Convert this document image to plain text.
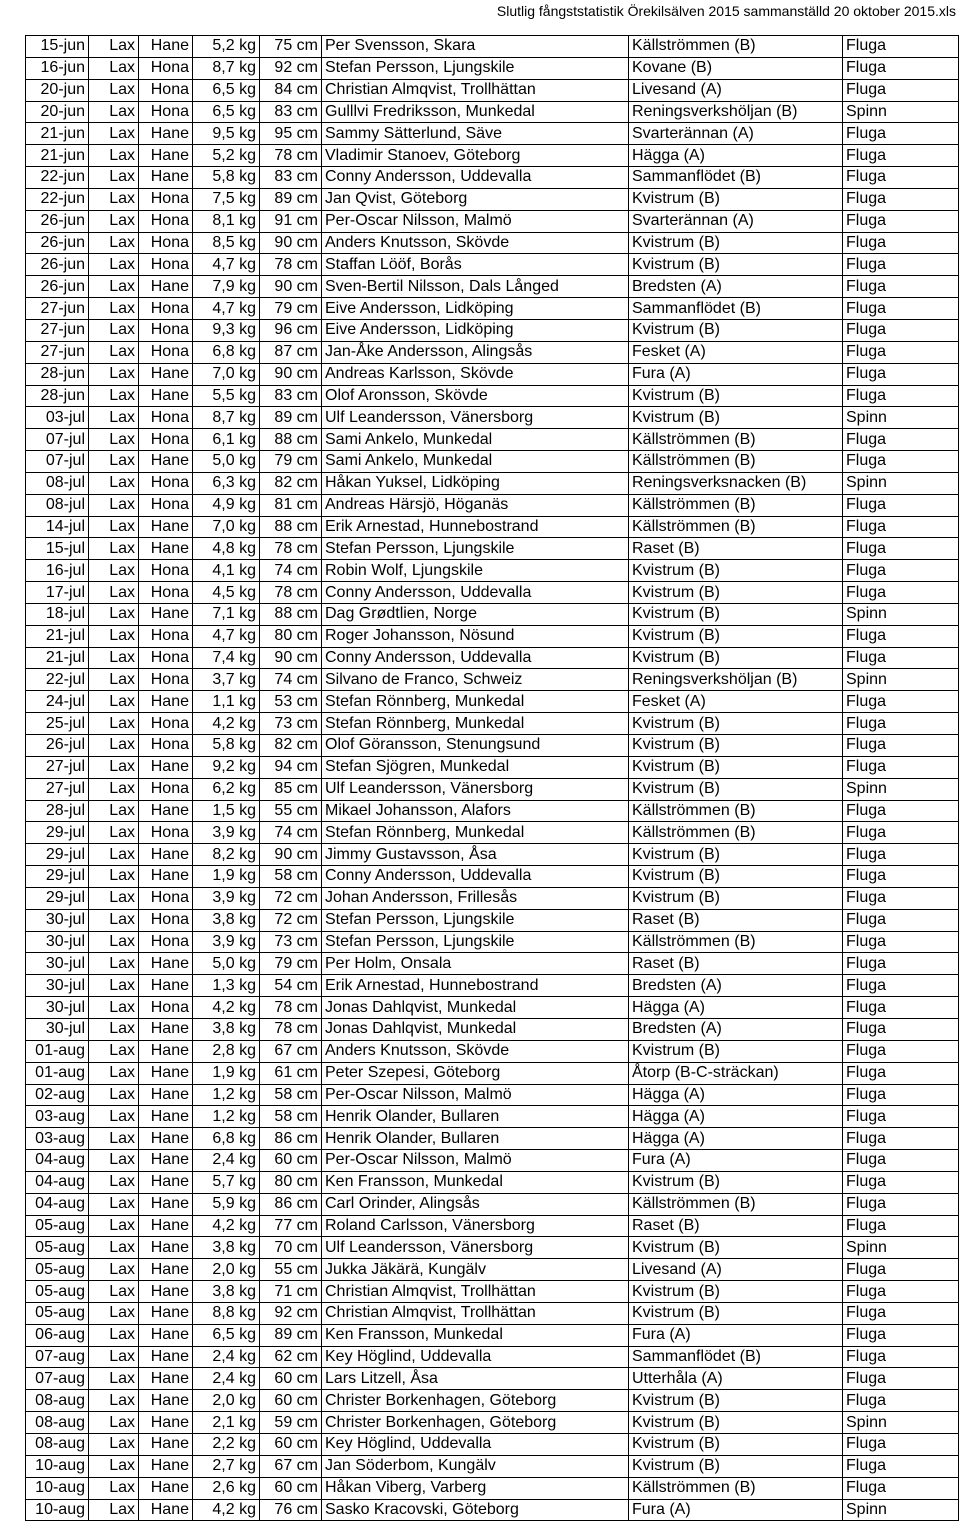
Slutlig fångststatistik Örekilsälven 2015 sammanställd 20 oktober 2015.xls
15-jun	Lax	Hane	5,2 kg	75 cm	Per Svensson, Skara	Källströmmen (B)	Fluga
16-jun	Lax	Hona	8,7 kg	92 cm	Stefan Persson, Ljungskile	Kovane (B)	Fluga
20-jun	Lax	Hona	6,5 kg	84 cm	Christian Almqvist, Trollhättan	Livesand (A)	Fluga
20-jun	Lax	Hona	6,5 kg	83 cm	Gulllvi Fredriksson, Munkedal	Reningsverkshöljan (B)	Spinn
21-jun	Lax	Hane	9,5 kg	95 cm	Sammy Sätterlund, Säve	Svarterännan (A)	Fluga
21-jun	Lax	Hane	5,2 kg	78 cm	Vladimir Stanoev, Göteborg	Hägga (A)	Fluga
22-jun	Lax	Hane	5,8 kg	83 cm	Conny Andersson, Uddevalla	Sammanflödet (B)	Fluga
22-jun	Lax	Hona	7,5 kg	89 cm	Jan Qvist, Göteborg	Kvistrum (B)	Fluga
26-jun	Lax	Hona	8,1 kg	91 cm	Per-Oscar Nilsson, Malmö	Svarterännan (A)	Fluga
26-jun	Lax	Hona	8,5 kg	90 cm	Anders Knutsson, Skövde	Kvistrum (B)	Fluga
26-jun	Lax	Hona	4,7 kg	78 cm	Staffan Lööf, Borås	Kvistrum (B)	Fluga
26-jun	Lax	Hane	7,9 kg	90 cm	Sven-Bertil Nilsson, Dals Långed	Bredsten (A)	Fluga
27-jun	Lax	Hona	4,7 kg	79 cm	Eive Andersson, Lidköping	Sammanflödet (B)	Fluga
27-jun	Lax	Hona	9,3 kg	96 cm	Eive Andersson, Lidköping	Kvistrum (B)	Fluga
27-jun	Lax	Hona	6,8 kg	87 cm	Jan-Åke Andersson, Alingsås	Fesket (A)	Fluga
28-jun	Lax	Hane	7,0 kg	90 cm	Andreas Karlsson, Skövde	Fura (A)	Fluga
28-jun	Lax	Hane	5,5 kg	83 cm	Olof Aronsson, Skövde	Kvistrum (B)	Fluga
03-jul	Lax	Hona	8,7 kg	89 cm	Ulf Leandersson, Vänersborg	Kvistrum (B)	Spinn
07-jul	Lax	Hona	6,1 kg	88 cm	Sami Ankelo, Munkedal	Källströmmen (B)	Fluga
07-jul	Lax	Hane	5,0 kg	79 cm	Sami Ankelo, Munkedal	Källströmmen (B)	Fluga
08-jul	Lax	Hona	6,3 kg	82 cm	Håkan Yuksel, Lidköping	Reningsverksnacken (B)	Spinn
08-jul	Lax	Hona	4,9 kg	81 cm	Andreas Härsjö, Höganäs	Källströmmen (B)	Fluga
14-jul	Lax	Hane	7,0 kg	88 cm	Erik Arnestad, Hunnebostrand	Källströmmen (B)	Fluga
15-jul	Lax	Hane	4,8 kg	78 cm	Stefan Persson, Ljungskile	Raset (B)	Fluga
16-jul	Lax	Hona	4,1 kg	74 cm	Robin Wolf, Ljungskile	Kvistrum (B)	Fluga
17-jul	Lax	Hona	4,5 kg	78 cm	Conny Andersson, Uddevalla	Kvistrum (B)	Fluga
18-jul	Lax	Hane	7,1 kg	88 cm	Dag Grødtlien, Norge	Kvistrum (B)	Spinn
21-jul	Lax	Hona	4,7 kg	80 cm	Roger Johansson, Nösund	Kvistrum (B)	Fluga
21-jul	Lax	Hona	7,4 kg	90 cm	Conny Andersson, Uddevalla	Kvistrum (B)	Fluga
22-jul	Lax	Hona	3,7 kg	74 cm	Silvano de Franco, Schweiz	Reningsverkshöljan (B)	Spinn
24-jul	Lax	Hane	1,1 kg	53 cm	Stefan Rönnberg, Munkedal	Fesket (A)	Fluga
25-jul	Lax	Hona	4,2 kg	73 cm	Stefan Rönnberg, Munkedal	Kvistrum (B)	Fluga
26-jul	Lax	Hona	5,8 kg	82 cm	Olof Göransson, Stenungsund	Kvistrum (B)	Fluga
27-jul	Lax	Hane	9,2 kg	94 cm	Stefan Sjögren, Munkedal	Kvistrum (B)	Fluga
27-jul	Lax	Hona	6,2 kg	85 cm	Ulf Leandersson, Vänersborg	Kvistrum (B)	Spinn
28-jul	Lax	Hane	1,5 kg	55 cm	Mikael Johansson, Alafors	Källströmmen (B)	Fluga
29-jul	Lax	Hona	3,9 kg	74 cm	Stefan Rönnberg, Munkedal	Källströmmen (B)	Fluga
29-jul	Lax	Hane	8,2 kg	90 cm	Jimmy Gustavsson, Åsa	Kvistrum (B)	Fluga
29-jul	Lax	Hane	1,9 kg	58 cm	Conny Andersson, Uddevalla	Kvistrum (B)	Fluga
29-jul	Lax	Hona	3,9 kg	72 cm	Johan Andersson, Frillesås	Kvistrum (B)	Fluga
30-jul	Lax	Hona	3,8 kg	72 cm	Stefan Persson, Ljungskile	Raset (B)	Fluga
30-jul	Lax	Hona	3,9 kg	73 cm	Stefan Persson, Ljungskile	Källströmmen (B)	Fluga
30-jul	Lax	Hane	5,0 kg	79 cm	Per Holm, Onsala	Raset (B)	Fluga
30-jul	Lax	Hane	1,3 kg	54 cm	Erik Arnestad, Hunnebostrand	Bredsten (A)	Fluga
30-jul	Lax	Hona	4,2 kg	78 cm	Jonas Dahlqvist, Munkedal	Hägga (A)	Fluga
30-jul	Lax	Hane	3,8 kg	78 cm	Jonas Dahlqvist, Munkedal	Bredsten (A)	Fluga
01-aug	Lax	Hane	2,8 kg	67 cm	Anders Knutsson, Skövde	Kvistrum (B)	Fluga
01-aug	Lax	Hane	1,9 kg	61 cm	Peter Szepesi, Göteborg	Åtorp (B-C-sträckan)	Fluga
02-aug	Lax	Hane	1,2 kg	58 cm	Per-Oscar Nilsson, Malmö	Hägga (A)	Fluga
03-aug	Lax	Hane	1,2 kg	58 cm	Henrik Olander, Bullaren	Hägga (A)	Fluga
03-aug	Lax	Hane	6,8 kg	86 cm	Henrik Olander, Bullaren	Hägga (A)	Fluga
04-aug	Lax	Hane	2,4 kg	60 cm	Per-Oscar Nilsson, Malmö	Fura (A)	Fluga
04-aug	Lax	Hane	5,7 kg	80 cm	Ken Fransson, Munkedal	Kvistrum (B)	Fluga
04-aug	Lax	Hane	5,9 kg	86 cm	Carl Orinder, Alingsås	Källströmmen (B)	Fluga
05-aug	Lax	Hane	4,2 kg	77 cm	Roland Carlsson, Vänersborg	Raset (B)	Fluga
05-aug	Lax	Hane	3,8 kg	70 cm	Ulf Leandersson, Vänersborg	Kvistrum (B)	Spinn
05-aug	Lax	Hane	2,0 kg	55 cm	Jukka Jäkärä, Kungälv	Livesand (A)	Fluga
05-aug	Lax	Hane	3,8 kg	71 cm	Christian Almqvist, Trollhättan	Kvistrum (B)	Fluga
05-aug	Lax	Hane	8,8 kg	92 cm	Christian Almqvist, Trollhättan	Kvistrum (B)	Fluga
06-aug	Lax	Hane	6,5 kg	89 cm	Ken Fransson, Munkedal	Fura (A)	Fluga
07-aug	Lax	Hane	2,4 kg	62 cm	Key Höglind, Uddevalla	Sammanflödet (B)	Fluga
07-aug	Lax	Hane	2,4 kg	60 cm	Lars Litzell, Åsa	Utterhåla (A)	Fluga
08-aug	Lax	Hane	2,0 kg	60 cm	Christer Borkenhagen, Göteborg	Kvistrum (B)	Fluga
08-aug	Lax	Hane	2,1 kg	59 cm	Christer Borkenhagen, Göteborg	Kvistrum (B)	Spinn
08-aug	Lax	Hane	2,2 kg	60 cm	Key Höglind, Uddevalla	Kvistrum (B)	Fluga
10-aug	Lax	Hane	2,7 kg	67 cm	Jan Söderbom, Kungälv	Kvistrum (B)	Fluga
10-aug	Lax	Hane	2,6 kg	60 cm	Håkan Viberg, Varberg	Källströmmen (B)	Fluga
10-aug	Lax	Hane	4,2 kg	76 cm	Sasko Kracovski, Göteborg	Fura (A)	Spinn
